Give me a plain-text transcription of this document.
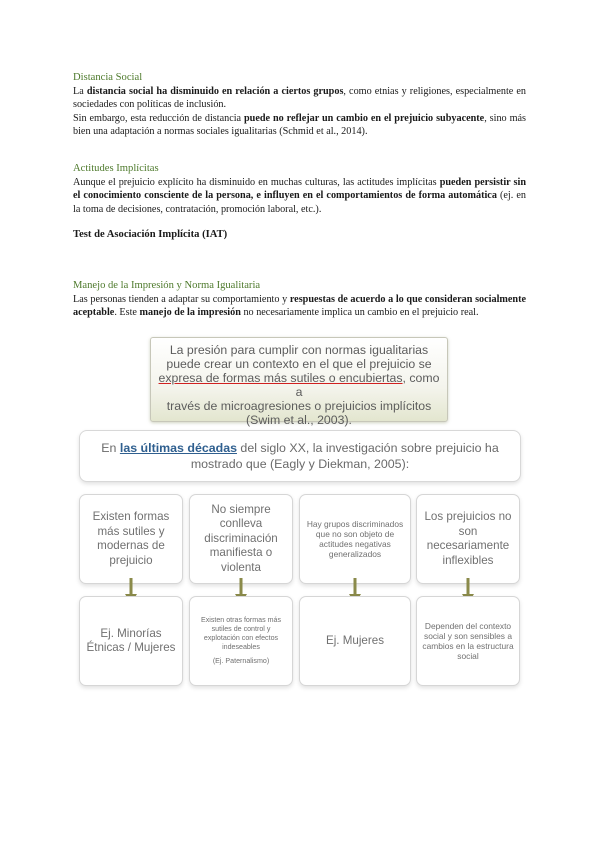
Distancia Social

La distancia social ha disminuido en relación a ciertos grupos, como etnias y religiones, especialmente en sociedades con políticas de inclusión.

Sin embargo, esta reducción de distancia puede no reflejar un cambio en el prejuicio subyacente, sino más bien una adaptación a normas sociales igualitarias (Schmid et al., 2014).

Actitudes Implícitas

Aunque el prejuicio explícito ha disminuido en muchas culturas, las actitudes implícitas pueden persistir sin el conocimiento consciente de la persona, e influyen en el comportamientos de forma automática (ej. en la toma de decisiones, contratación, promoción laboral, etc.).

Test de Asociación Implícita (IAT)

Manejo de la Impresión y Norma Igualitaria

Las personas tienden a adaptar su comportamiento y respuestas de acuerdo a lo que consideran socialmente aceptable. Este manejo de la impresión no necesariamente implica un cambio en el prejuicio real.

La presión para cumplir con normas igualitarias
puede crear un contexto en el que el prejuicio se
expresa de formas más sutiles o encubiertas, como a
través de microagresiones o prejuicios implícitos
(Swim et al., 2003).
En las últimas décadas del siglo XX, la investigación sobre prejuicio ha mostrado que (Eagly y Diekman, 2005):
Existen formas más sutiles y modernas de prejuicio
No siempre conlleva discriminación manifiesta o violenta
Hay grupos discriminados que no son objeto de actitudes negativas generalizados
Los prejuicios no son necesariamente inflexibles
Ej. Minorías Étnicas / Mujeres
Existen otras formas más sutiles de control y explotación con efectos indeseables
(Ej. Paternalismo)
Ej. Mujeres
Dependen del contexto social y son sensibles a cambios en la estructura social
